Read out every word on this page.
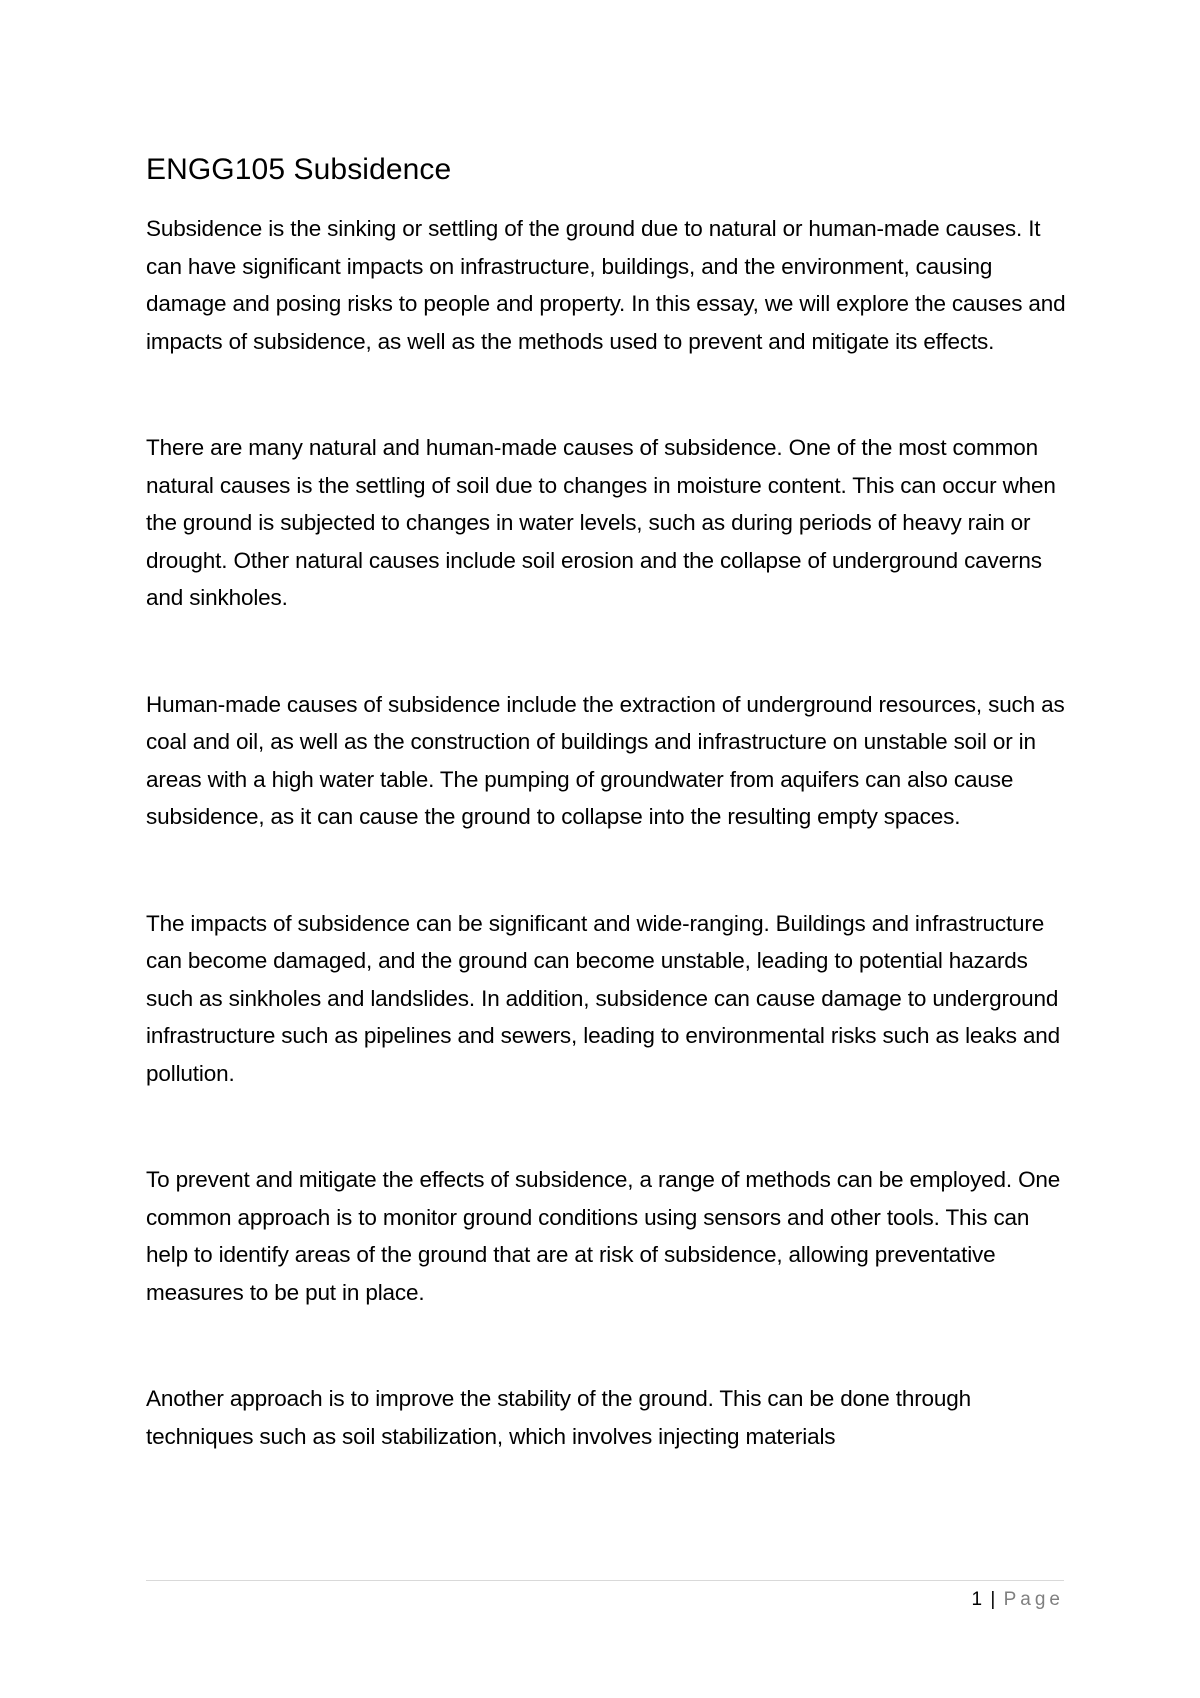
ENGG105 Subsidence

Subsidence is the sinking or settling of the ground due to natural or human-made causes. It can have significant impacts on infrastructure, buildings, and the environment, causing damage and posing risks to people and property. In this essay, we will explore the causes and impacts of subsidence, as well as the methods used to prevent and mitigate its effects.

There are many natural and human-made causes of subsidence. One of the most common natural causes is the settling of soil due to changes in moisture content. This can occur when the ground is subjected to changes in water levels, such as during periods of heavy rain or drought. Other natural causes include soil erosion and the collapse of underground caverns and sinkholes.

Human-made causes of subsidence include the extraction of underground resources, such as coal and oil, as well as the construction of buildings and infrastructure on unstable soil or in areas with a high water table. The pumping of groundwater from aquifers can also cause subsidence, as it can cause the ground to collapse into the resulting empty spaces.

The impacts of subsidence can be significant and wide-ranging. Buildings and infrastructure can become damaged, and the ground can become unstable, leading to potential hazards such as sinkholes and landslides. In addition, subsidence can cause damage to underground infrastructure such as pipelines and sewers, leading to environmental risks such as leaks and pollution.

To prevent and mitigate the effects of subsidence, a range of methods can be employed. One common approach is to monitor ground conditions using sensors and other tools. This can help to identify areas of the ground that are at risk of subsidence, allowing preventative measures to be put in place.

Another approach is to improve the stability of the ground. This can be done through techniques such as soil stabilization, which involves injecting materials

1 | Page
